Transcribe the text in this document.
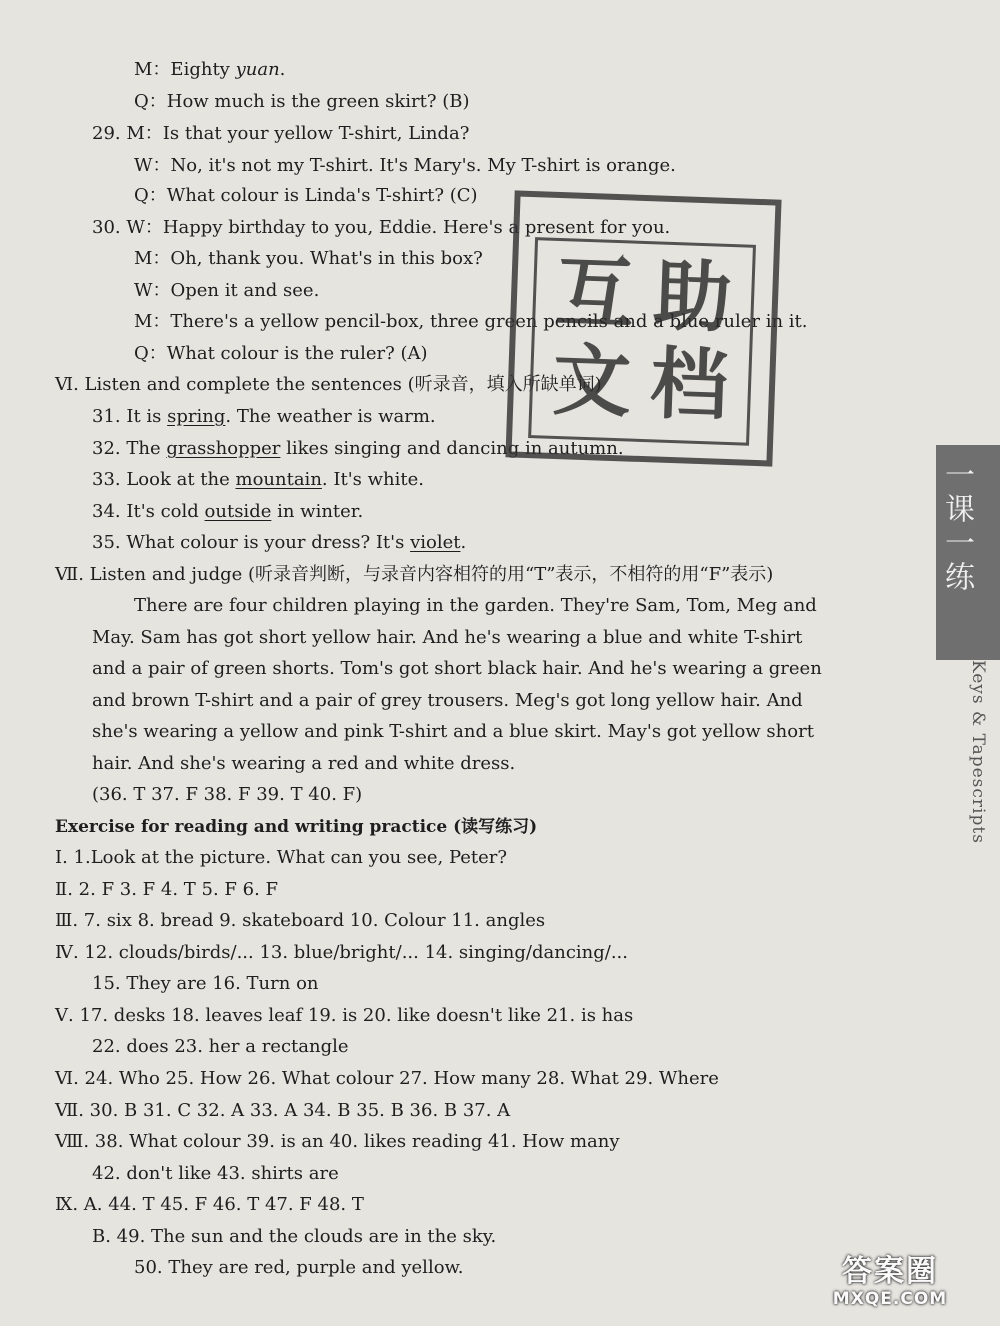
M：Eighty yuan.
Q：How much is the green skirt? (B)
29. M：Is that your yellow T-shirt, Linda?
W：No, it's not my T-shirt. It's Mary's. My T-shirt is orange.
Q：What colour is Linda's T-shirt? (C)
30. W：Happy birthday to you, Eddie. Here's a present for you.
M：Oh, thank you. What's in this box?
W：Open it and see.
M：There's a yellow pencil-box, three green pencils and a blue ruler in it.
Q：What colour is the ruler? (A)
Ⅵ. Listen and complete the sentences (听录音，填入所缺单词)
31. It is spring. The weather is warm.
32. The grasshopper likes singing and dancing in autumn.
33. Look at the mountain. It's white.
34. It's cold outside in winter.
35. What colour is your dress? It's violet.
Ⅶ. Listen and judge (听录音判断，与录音内容相符的用“T”表示，不相符的用“F”表示)
There are four children playing in the garden. They're Sam, Tom, Meg and
May. Sam has got short yellow hair. And he's wearing a blue and white T-shirt
and a pair of green shorts. Tom's got short black hair. And he's wearing a green
and brown T-shirt and a pair of grey trousers. Meg's got long yellow hair. And
she's wearing a yellow and pink T-shirt and a blue skirt. May's got yellow short
hair. And she's wearing a red and white dress.
(36. T 37. F 38. F 39. T 40. F)
Exercise for reading and writing practice (读写练习)
Ⅰ. 1.Look at the picture. What can you see, Peter?
Ⅱ. 2. F 3. F 4. T 5. F 6. F
Ⅲ. 7. six 8. bread 9. skateboard 10. Colour 11. angles
Ⅳ. 12. clouds/birds/... 13. blue/bright/... 14. singing/dancing/...
15. They are 16. Turn on
Ⅴ. 17. desks 18. leaves leaf 19. is 20. like doesn't like 21. is has
22. does 23. her a rectangle
Ⅵ. 24. Who 25. How 26. What colour 27. How many 28. What 29. Where
Ⅶ. 30. B 31. C 32. A 33. A 34. B 35. B 36. B 37. A
Ⅷ. 38. What colour 39. is an 40. likes reading 41. How many
42. don't like 43. shirts are
Ⅸ. A. 44. T 45. F 46. T 47. F 48. T
B. 49. The sun and the clouds are in the sky.
50. They are red, purple and yellow.
一课一练
Keys & Tapescripts
互 助
文 档
答案圈
MXQE.COM
